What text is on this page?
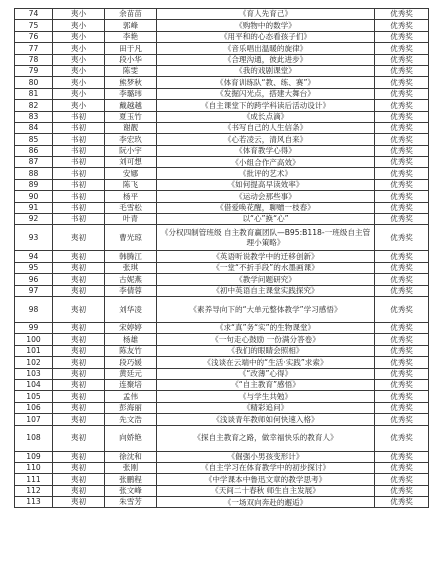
74	夷小	余苗苗	《育人先育己》	优秀奖
75	夷小	郭峰	《购物中的数学》	优秀奖
76	夷小	李艳	《用平和的心态看孩子们》	优秀奖
77	夷小	田于凡	《音乐唱出温暖的旋律》	优秀奖
78	夷小	段小华	《合理沟通，彼此进步》	优秀奖
79	夷小	陈雯	《我的戏剧课堂》	优秀奖
80	夷小	熊梦秋	《体育训练队“教、练、赛”》	优秀奖
81	夷小	李璐玮	《发掘闪光点，搭建大舞台》	优秀奖
82	夷小	戴越越	《自主课堂下的跨学科读后活动设计》	优秀奖
83	书初	夏玉竹	《成长点滴》	优秀奖
84	书初	谢靓	《书写自己的人生信条》	优秀奖
85	书初	李宏玖	《心若凌云，清风自来》	优秀奖
86	书初	阮小宇	《体育教学心得》	优秀奖
87	书初	刘可想	《小组合作产高效》	优秀奖
88	书初	安娜	《批评的艺术》	优秀奖
89	书初	陈飞	《如何提高早读效率》	优秀奖
90	书初	杨平	《运动会那些事》	优秀奖
91	书初	毛雪松	《借爱唤花醒，聊赠一枝春》	优秀奖
92	书初	叶青	以“心”换“心”	优秀奖
93	夷初	曹光琼	《分权四制管班级 自主教育赢团队—B95:B118-一班级自主管理小策略》	优秀奖
94	夷初	韩腾江	《英语听说教学中的迁移创新》	优秀奖
95	夷初	张琪	《一堂“不折手段”的水墨画课》	优秀奖
96	夷初	古妮燕	《教学问题研究》	优秀奖
97	夷初	李倩蓉	《初中英语自主课堂实践探究》	优秀奖
98	夷初	刘华凌	《素养导向下的“大单元整体教学”学习感悟》	优秀奖
99	夷初	宋婷婷	《求“真”务“实”的生物课堂》	优秀奖
100	夷初	杨雄	《一句走心鼓励 一份满分答卷》	优秀奖
101	夷初	陈友竹	《我们的眼睛会照相》	优秀奖
102	夷初	段巧媛	《浅谈在云端中的“生活·实践”求索》	优秀奖
103	夷初	黄廷元	《“改薄”心得》	优秀奖
104	夷初	连聚培	《“自主教育”感悟》	优秀奖
105	夷初	孟伟	《与学生共勉》	优秀奖
106	夷初	彭海丽	《精彩追问》	优秀奖
107	夷初	先文浩	《浅谈青年教师如何快速入格》	优秀奖
108	夷初	向娇艳	《探自主教育之路，做幸福快乐的教育人》	优秀奖
109	夷初	徐沈和	《倔强小男孩变形计》	优秀奖
110	夷初	张刚	《自主学习在体育教学中的初步探讨》	优秀奖
111	夷初	张鹏程	《中学课本中鲁迅文章的教学思考》	优秀奖
112	夷初	张文峰	《天间二十春秋 师生自主发展》	优秀奖
113	夷初	朱雪芳	《一场双向奔赴的邂逅》	优秀奖
